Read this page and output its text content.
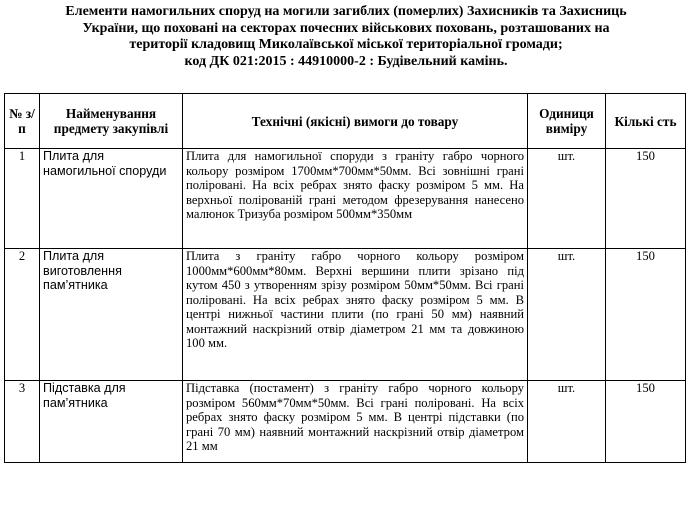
Елементи намогильних споруд на могили загиблих (померлих) Захисників та Захисниць
України, що поховані на секторах почесних військових поховань, розташованих на
території кладовищ Миколаївської міської територіальної громади;
код ДК 021:2015 : 44910000-2 : Будівельний камінь.
№ з/п	Найменування предмету закупівлі	Технічні (якісні) вимоги до товару	Одиниця виміру	Кількі сть
1	Плита для намогильної споруди	Плита для намогильної споруди з граніту габро чорного кольору розміром 1700мм*700мм*50мм. Всі зовнішні грані поліровані. На всіх ребрах знято фаску розміром 5 мм. На верхньої полірованій грані методом фрезерування нанесено малюнок Тризуба розміром 500мм*350мм	шт.	150
2	Плита для виготовлення пам’ятника	Плита з граніту габро чорного кольору розміром 1000мм*600мм*80мм. Верхні вершини плити зрізано під кутом 450 з утворенням зрізу розміром 50мм*50мм. Всі грані поліровані. На всіх ребрах знято фаску розміром 5 мм. В центрі нижньої частини плити (по грані 50 мм) наявний монтажний наскрізний отвір діаметром 21 мм та довжиною 100 мм.	шт.	150
3	Підставка для пам’ятника	Підставка (постамент) з граніту габро чорного кольору розміром 560мм*70мм*50мм. Всі грані поліровані. На всіх ребрах знято фаску розміром 5 мм. В центрі підставки (по грані 70 мм) наявний монтажний наскрізний отвір діаметром 21 мм	шт.	150
